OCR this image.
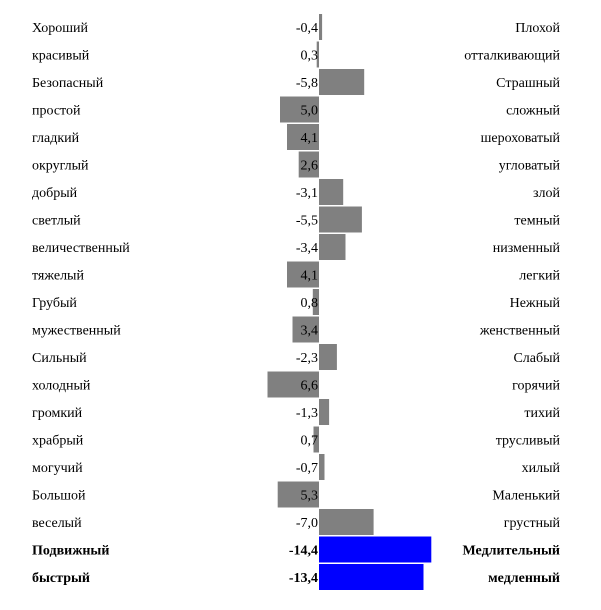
Хороший	-0,4	Плохой
красивый	0,3	отталкивающий
Безопасный	-5,8	Страшный
простой	5,0	сложный
гладкий	4,1	шероховатый
округлый	2,6	угловатый
добрый	-3,1	злой
светлый	-5,5	темный
величественный	-3,4	низменный
тяжелый	4,1	легкий
Грубый	0,8	Нежный
мужественный	3,4	женственный
Сильный	-2,3	Слабый
холодный	6,6	горячий
громкий	-1,3	тихий
храбрый	0,7	трусливый
могучий	-0,7	хилый
Большой	5,3	Маленький
веселый	-7,0	грустный
Подвижный	-14,4	Медлительный
быстрый	-13,4	медленный
